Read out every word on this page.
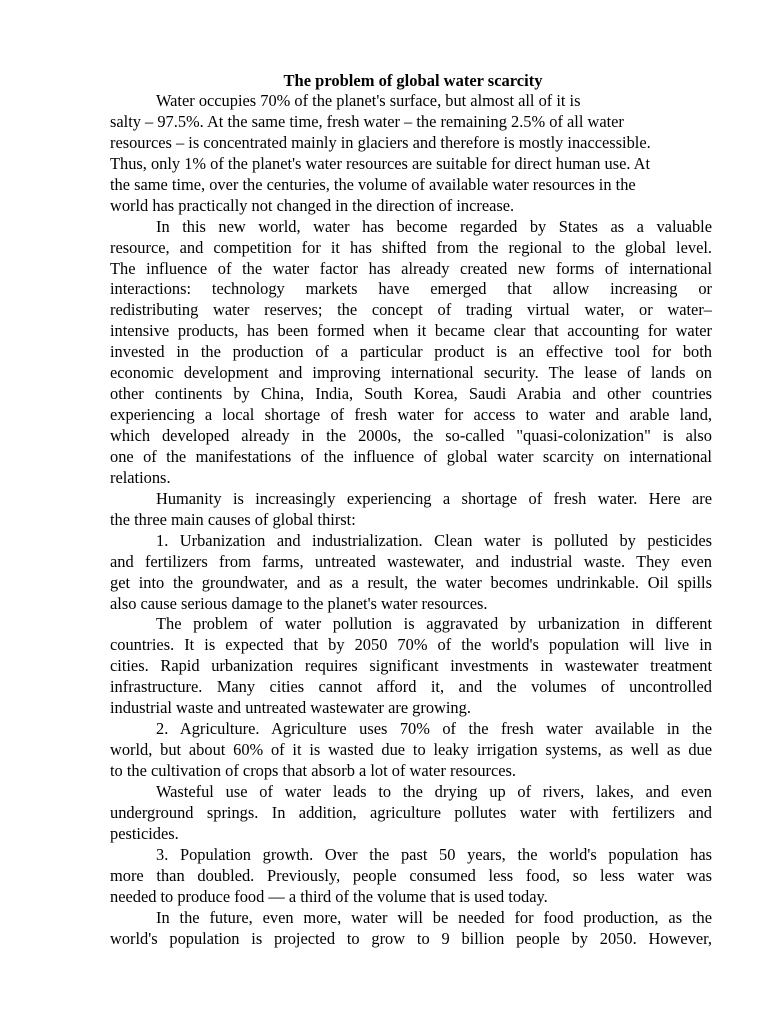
The problem of global water scarcity
Water occupies 70% of the planet's surface, but almost all of it is
salty – 97.5%. At the same time, fresh water – the remaining 2.5% of all water
resources – is concentrated mainly in glaciers and therefore is mostly inaccessible.
Thus, only 1% of the planet's water resources are suitable for direct human use. At
the same time, over the centuries, the volume of available water resources in the
world has practically not changed in the direction of increase.
In this new world, water has become regarded by States as a valuable
resource, and competition for it has shifted from the regional to the global level.
The influence of the water factor has already created new forms of international
interactions: technology markets have emerged that allow increasing or
redistributing water reserves; the concept of trading virtual water, or water–
intensive products, has been formed when it became clear that accounting for water
invested in the production of a particular product is an effective tool for both
economic development and improving international security. The lease of lands on
other continents by China, India, South Korea, Saudi Arabia and other countries
experiencing a local shortage of fresh water for access to water and arable land,
which developed already in the 2000s, the so-called "quasi-colonization" is also
one of the manifestations of the influence of global water scarcity on international
relations.
Humanity is increasingly experiencing a shortage of fresh water. Here are
the three main causes of global thirst:
1. Urbanization and industrialization. Clean water is polluted by pesticides
and fertilizers from farms, untreated wastewater, and industrial waste. They even
get into the groundwater, and as a result, the water becomes undrinkable. Oil spills
also cause serious damage to the planet's water resources.
The problem of water pollution is aggravated by urbanization in different
countries. It is expected that by 2050 70% of the world's population will live in
cities. Rapid urbanization requires significant investments in wastewater treatment
infrastructure. Many cities cannot afford it, and the volumes of uncontrolled
industrial waste and untreated wastewater are growing.
2. Agriculture. Agriculture uses 70% of the fresh water available in the
world, but about 60% of it is wasted due to leaky irrigation systems, as well as due
to the cultivation of crops that absorb a lot of water resources.
Wasteful use of water leads to the drying up of rivers, lakes, and even
underground springs. In addition, agriculture pollutes water with fertilizers and
pesticides.
3. Population growth. Over the past 50 years, the world's population has
more than doubled. Previously, people consumed less food, so less water was
needed to produce food — a third of the volume that is used today.
In the future, even more, water will be needed for food production, as the
world's population is projected to grow to 9 billion people by 2050. However,
